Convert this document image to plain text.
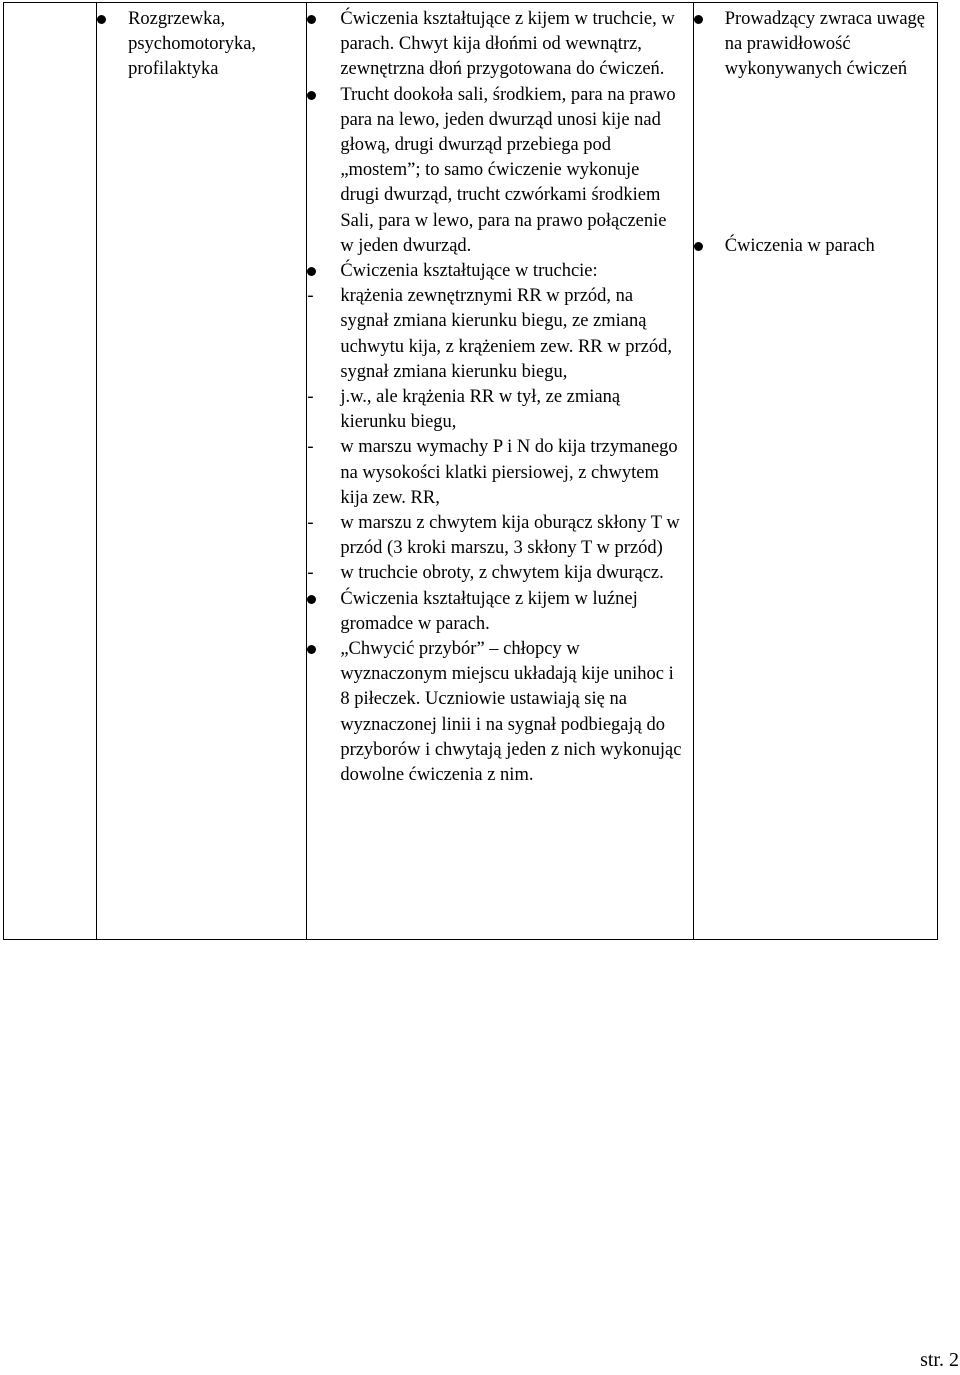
Rozgrzewka, psychomotoryka, profilaktyka

Ćwiczenia kształtujące z kijem w truchcie, w parach. Chwyt kija dłońmi od wewnątrz, zewnętrzna dłoń przygotowana do ćwiczeń.
Trucht dookoła sali, środkiem, para na prawo para na lewo, jeden dwurząd unosi kije nad głową, drugi dwurząd przebiega pod „mostem”; to samo ćwiczenie wykonuje drugi dwurząd, trucht czwórkami środkiem Sali, para w lewo, para na prawo połączenie w jeden dwurząd.
Ćwiczenia kształtujące w truchcie:
-	krążenia zewnętrznymi RR w przód, na sygnał zmiana kierunku biegu, ze zmianą uchwytu kija, z krążeniem zew. RR w przód, sygnał zmiana kierunku biegu,
-	j.w., ale krążenia RR w tył, ze zmianą kierunku biegu,
-	w marszu wymachy P i N do kija trzymanego na wysokości klatki piersiowej, z chwytem kija zew. RR,
-	w marszu z chwytem kija oburącz skłony T w przód (3 kroki marszu, 3 skłony T w przód)
-	w truchcie obroty, z chwytem kija dwurącz.
Ćwiczenia kształtujące z kijem w luźnej gromadce w parach.
„Chwycić przybór” – chłopcy w wyznaczonym miejscu układają kije unihoc i 8 piłeczek. Uczniowie ustawiają się na wyznaczonej linii i na sygnał podbiegają do przyborów i chwytają jeden z nich wykonując dowolne ćwiczenia z nim.

Prowadzący zwraca uwagę na prawidłowość wykonywanych ćwiczeń
Ćwiczenia w parach
str. 2
